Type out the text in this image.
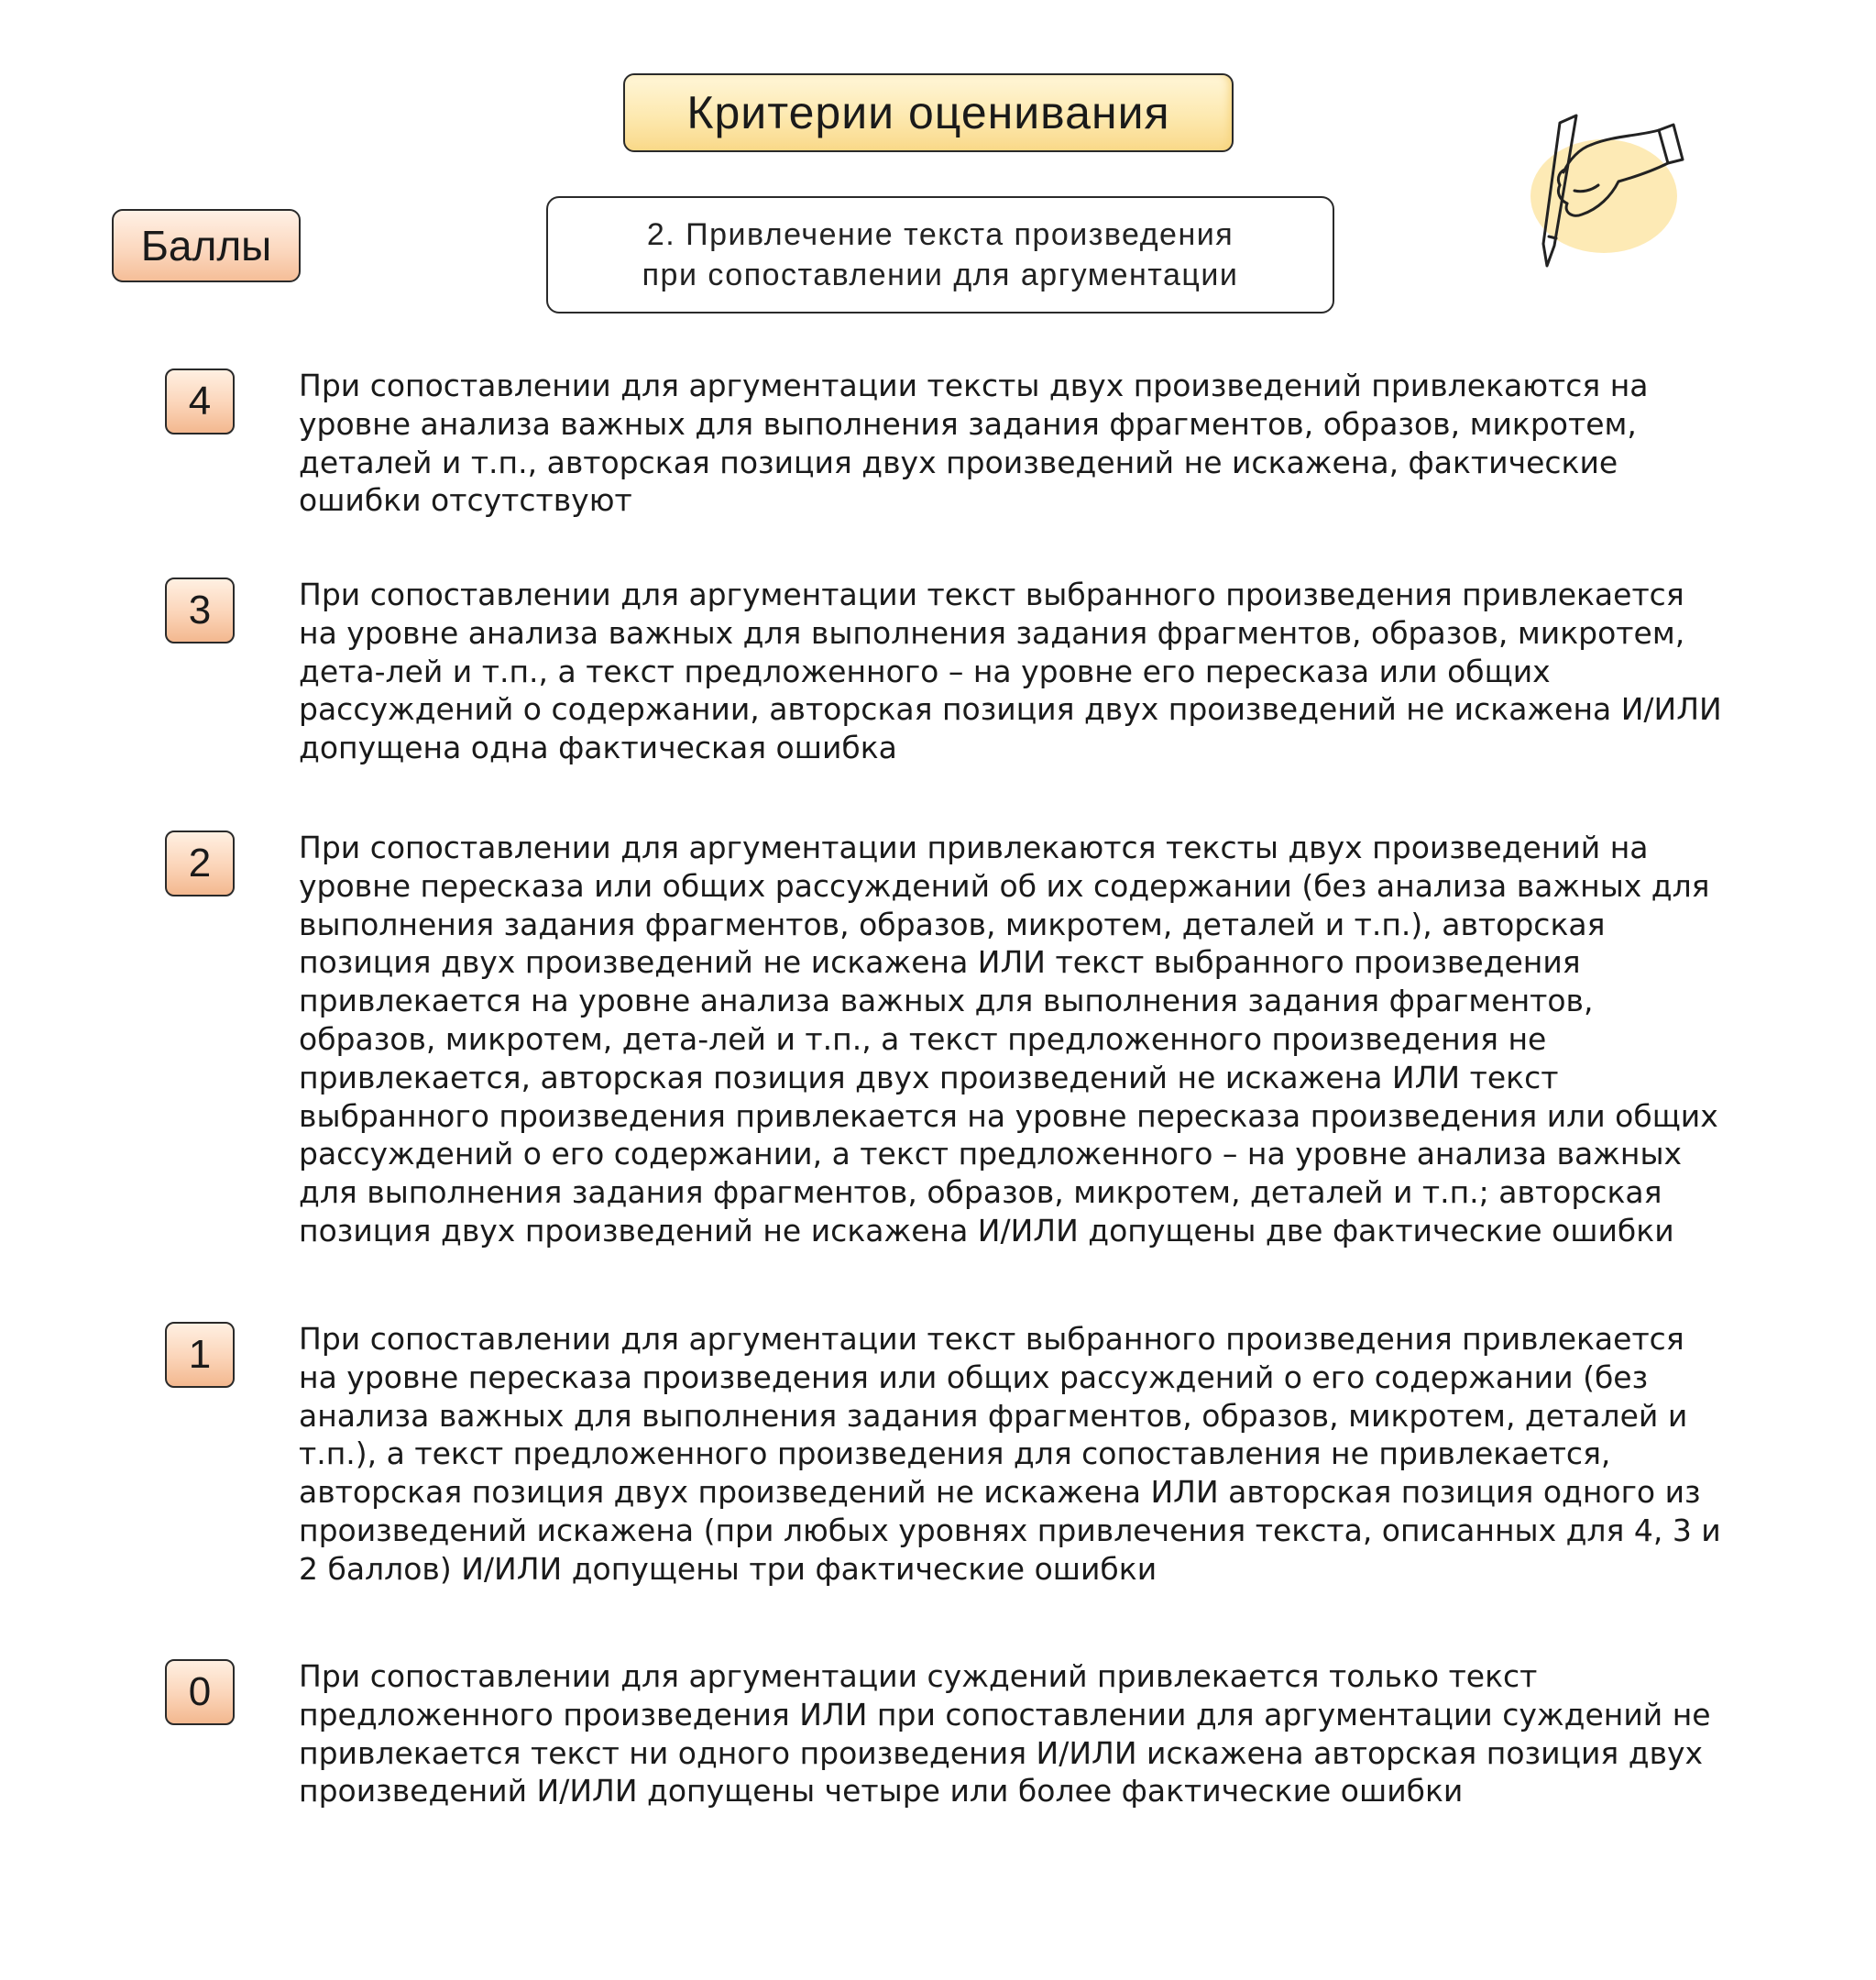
Критерии оценивания
Баллы	2. Привлечение текста произведения
при сопоставлении для аргументации
4	При сопоставлении для аргументации тексты двух произведений привлекаются на уровне анализа важных для выполнения задания фрагментов, образов, микротем, деталей и т.п., авторская позиция двух произведений не искажена, фактические ошибки отсутствуют

3	При сопоставлении для аргументации текст выбранного произведения привлекается на уровне анализа важных для выполнения задания фрагментов, образов, микротем, дета-лей и т.п., а текст предложенного – на уровне его пересказа или общих рассуждений о содержании, авторская позиция двух произведений не искажена И/ИЛИ допущена одна фактическая ошибка

2	При сопоставлении для аргументации привлекаются тексты двух произведений на уровне пересказа или общих рассуждений об их содержании (без анализа важных для выполнения задания фрагментов, образов, микротем, деталей и т.п.), авторская позиция двух произведений не искажена ИЛИ текст выбранного произведения привлекается на уровне анализа важных для выполнения задания фрагментов, образов, микротем, дета-лей и т.п., а текст предложенного произведения не привлекается, авторская позиция двух произведений не искажена ИЛИ текст выбранного произведения привлекается на уровне пересказа произведения или общих рассуждений о его содержании, а текст предложенного – на уровне анализа важных для выполнения задания фрагментов, образов, микротем, деталей и т.п.; авторская позиция двух произведений не искажена И/ИЛИ допущены две фактические ошибки

1	При сопоставлении для аргументации текст выбранного произведения привлекается на уровне пересказа произведения или общих рассуждений о его содержании (без анализа важных для выполнения задания фрагментов, образов, микротем, деталей и т.п.), а текст предложенного произведения для сопоставления не привлекается, авторская позиция двух произведений не искажена ИЛИ авторская позиция одного из произведений искажена (при любых уровнях привлечения текста, описанных для 4, 3 и 2 баллов) И/ИЛИ допущены три фактические ошибки

0	При сопоставлении для аргументации суждений привлекается только текст предложенного произведения ИЛИ при сопоставлении для аргументации суждений не привлекается текст ни одного произведения И/ИЛИ искажена авторская позиция двух произведений И/ИЛИ допущены четыре или более фактические ошибки
